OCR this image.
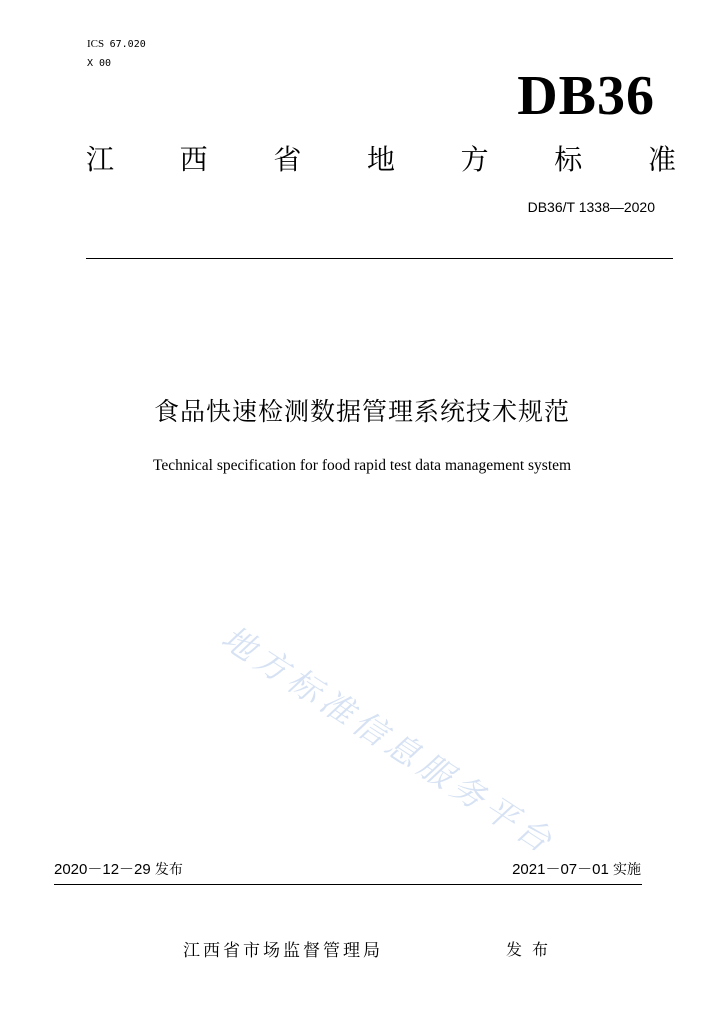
ICS 67.020
X 00
DB36
江 西 省 地 方 标 准
DB36/T 1338—2020
食品快速检测数据管理系统技术规范
Technical specification for food rapid test data management system
地方标准信息服务平台
2020－12－29 发布	2021－07－01 实施
江西省市场监督管理局	发布
